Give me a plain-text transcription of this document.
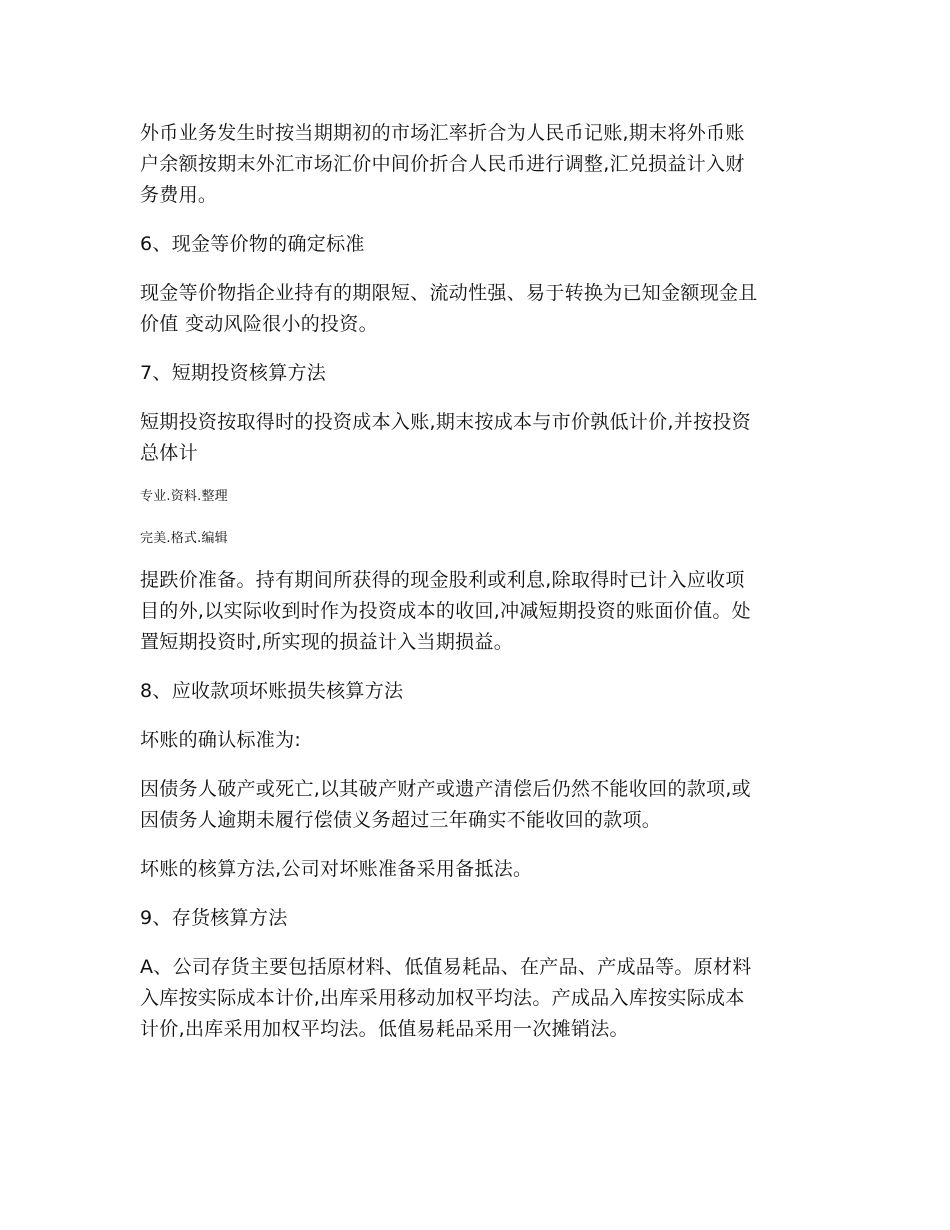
外币业务发生时按当期期初的市场汇率折合为人民币记账,期末将外币账
户余额按期末外汇市场汇价中间价折合人民币进行调整,汇兑损益计入财
务费用。

6、现金等价物的确定标准

现金等价物指企业持有的期限短、流动性强、易于转换为已知金额现金且
价值 变动风险很小的投资。

7、短期投资核算方法

短期投资按取得时的投资成本入账,期末按成本与市价孰低计价,并按投资
总体计

专业.资料.整理

完美.格式.编辑

提跌价准备。持有期间所获得的现金股利或利息,除取得时已计入应收项
目的外,以实际收到时作为投资成本的收回,冲减短期投资的账面价值。处
置短期投资时,所实现的损益计入当期损益。

8、应收款项坏账损失核算方法

坏账的确认标准为:

因债务人破产或死亡,以其破产财产或遗产清偿后仍然不能收回的款项,或
因债务人逾期未履行偿债义务超过三年确实不能收回的款项。

坏账的核算方法,公司对坏账准备采用备抵法。

9、存货核算方法

A、公司存货主要包括原材料、低值易耗品、在产品、产成品等。原材料
入库按实际成本计价,出库采用移动加权平均法。产成品入库按实际成本
计价,出库采用加权平均法。低值易耗品采用一次摊销法。
